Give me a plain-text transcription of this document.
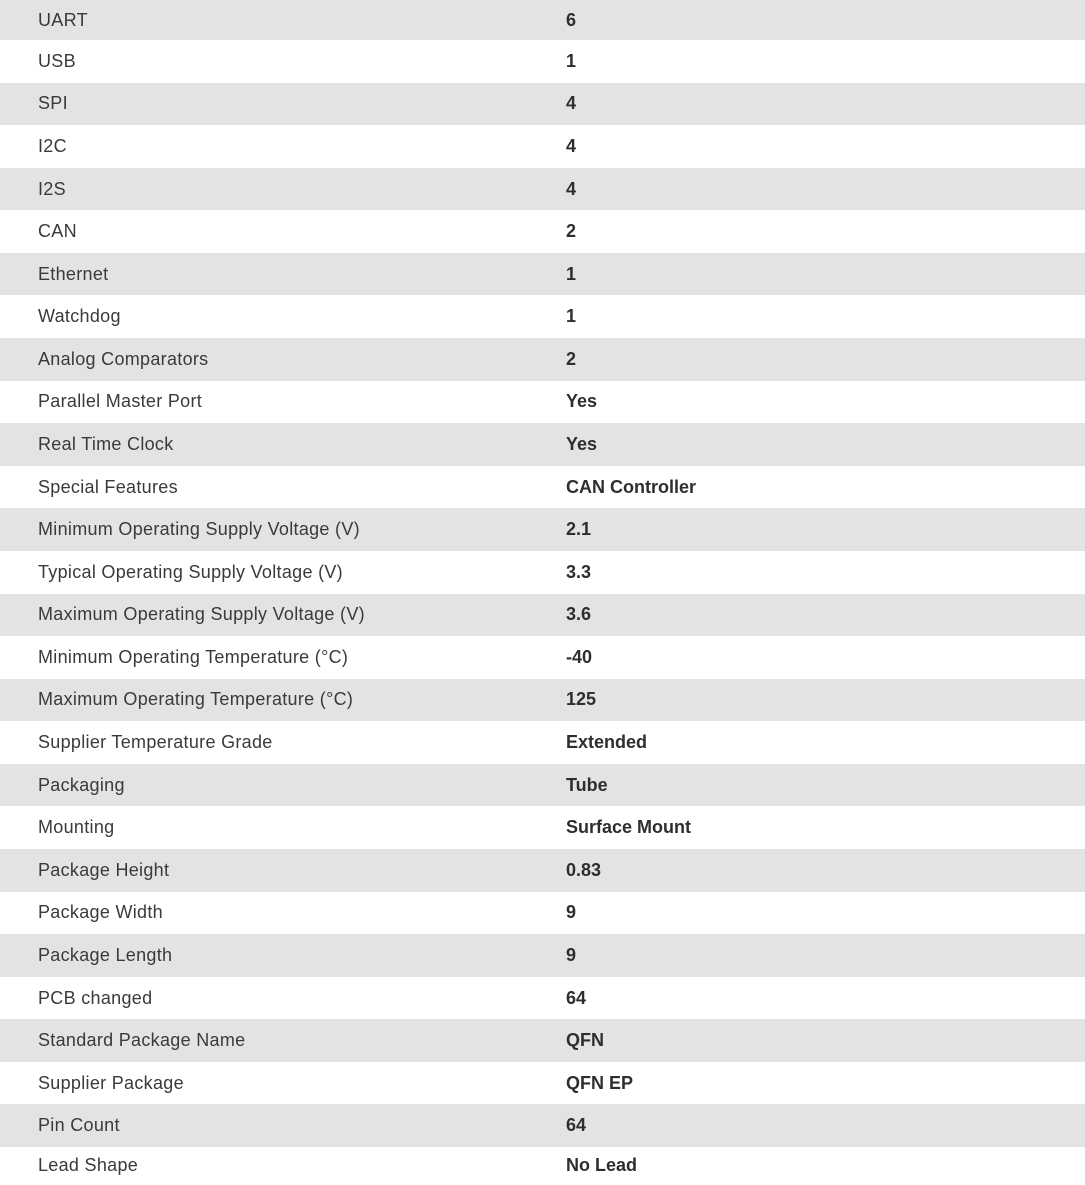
UART	6
USB	1
SPI	4
I2C	4
I2S	4
CAN	2
Ethernet	1
Watchdog	1
Analog Comparators	2
Parallel Master Port	Yes
Real Time Clock	Yes
Special Features	CAN Controller
Minimum Operating Supply Voltage (V)	2.1
Typical Operating Supply Voltage (V)	3.3
Maximum Operating Supply Voltage (V)	3.6
Minimum Operating Temperature (°C)	-40
Maximum Operating Temperature (°C)	125
Supplier Temperature Grade	Extended
Packaging	Tube
Mounting	Surface Mount
Package Height	0.83
Package Width	9
Package Length	9
PCB changed	64
Standard Package Name	QFN
Supplier Package	QFN EP
Pin Count	64
Lead Shape	No Lead
